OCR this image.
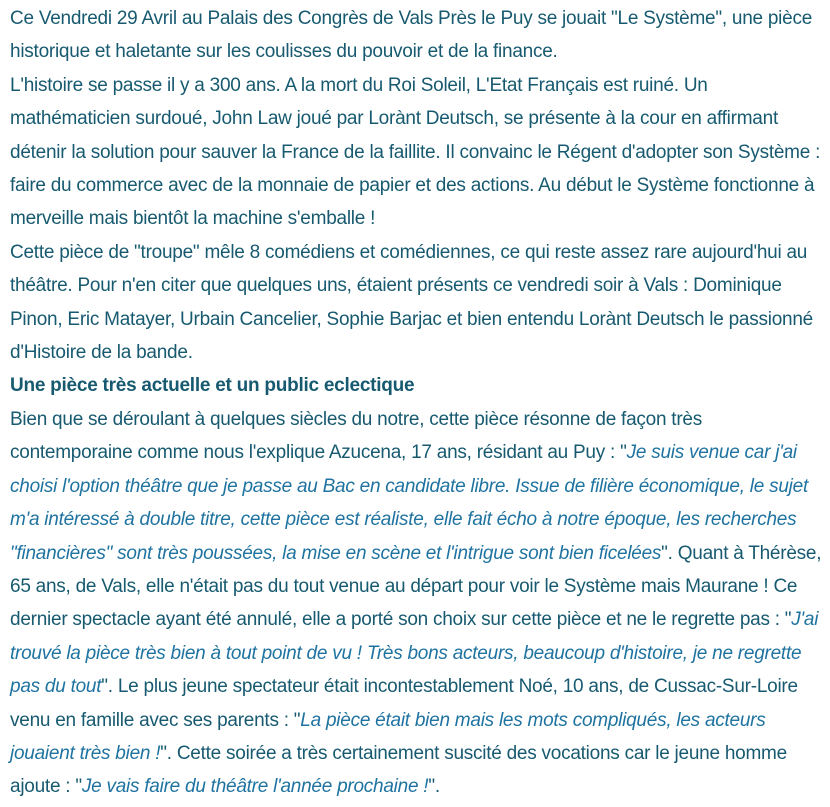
Ce Vendredi 29 Avril au Palais des Congrès de Vals Près le Puy se jouait "Le Système", une pièce historique et haletante sur les coulisses du pouvoir et de la finance.

L'histoire se passe il y a 300 ans. A la mort du Roi Soleil, L'Etat Français est ruiné. Un mathématicien surdoué, John Law joué par Lorànt Deutsch, se présente à la cour en affirmant détenir la solution pour sauver la France de la faillite. Il convainc le Régent d'adopter son Système : faire du commerce avec de la monnaie de papier et des actions. Au début le Système fonctionne à merveille mais bientôt la machine s'emballe !

Cette pièce de "troupe" mêle 8 comédiens et comédiennes, ce qui reste assez rare aujourd'hui au théâtre. Pour n'en citer que quelques uns, étaient présents ce vendredi soir à Vals : Dominique Pinon, Eric Matayer, Urbain Cancelier, Sophie Barjac et bien entendu Lorànt Deutsch le passionné d'Histoire de la bande.

Une pièce très actuelle et un public eclectique

Bien que se déroulant à quelques siècles du notre, cette pièce résonne de façon très contemporaine comme nous l'explique Azucena, 17 ans, résidant au Puy : "Je suis venue car j'ai choisi l'option théâtre que je passe au Bac en candidate libre. Issue de filière économique, le sujet m'a intéressé à double titre, cette pièce est réaliste, elle fait écho à notre époque, les recherches "financières" sont très poussées, la mise en scène et l'intrigue sont bien ficelées". Quant à Thérèse, 65 ans, de Vals, elle n'était pas du tout venue au départ pour voir le Système mais Maurane ! Ce dernier spectacle ayant été annulé, elle a porté son choix sur cette pièce et ne le regrette pas : "J'ai trouvé la pièce très bien à tout point de vu ! Très bons acteurs, beaucoup d'histoire, je ne regrette pas du tout". Le plus jeune spectateur était incontestablement Noé, 10 ans, de Cussac-Sur-Loire venu en famille avec ses parents : "La pièce était bien mais les mots compliqués, les acteurs jouaient très bien !". Cette soirée a très certainement suscité des vocations car le jeune homme ajoute : "Je vais faire du théâtre l'année prochaine !".
